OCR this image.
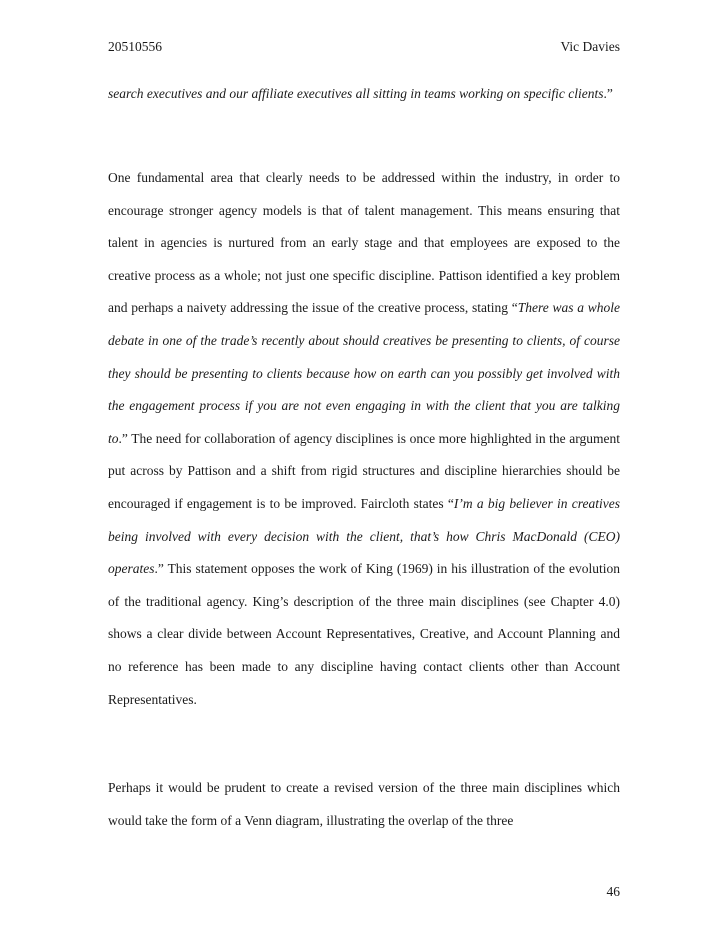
20510556	Vic Davies

search executives and our affiliate executives all sitting in teams working on specific clients.”

One fundamental area that clearly needs to be addressed within the industry, in order to encourage stronger agency models is that of talent management. This means ensuring that talent in agencies is nurtured from an early stage and that employees are exposed to the creative process as a whole; not just one specific discipline. Pattison identified a key problem and perhaps a naivety addressing the issue of the creative process, stating “There was a whole debate in one of the trade’s recently about should creatives be presenting to clients, of course they should be presenting to clients because how on earth can you possibly get involved with the engagement process if you are not even engaging in with the client that you are talking to.” The need for collaboration of agency disciplines is once more highlighted in the argument put across by Pattison and a shift from rigid structures and discipline hierarchies should be encouraged if engagement is to be improved. Faircloth states “I’m a big believer in creatives being involved with every decision with the client, that’s how Chris MacDonald (CEO) operates.” This statement opposes the work of King (1969) in his illustration of the evolution of the traditional agency. King’s description of the three main disciplines (see Chapter 4.0) shows a clear divide between Account Representatives, Creative, and Account Planning and no reference has been made to any discipline having contact clients other than Account Representatives.

Perhaps it would be prudent to create a revised version of the three main disciplines which would take the form of a Venn diagram, illustrating the overlap of the three

46
